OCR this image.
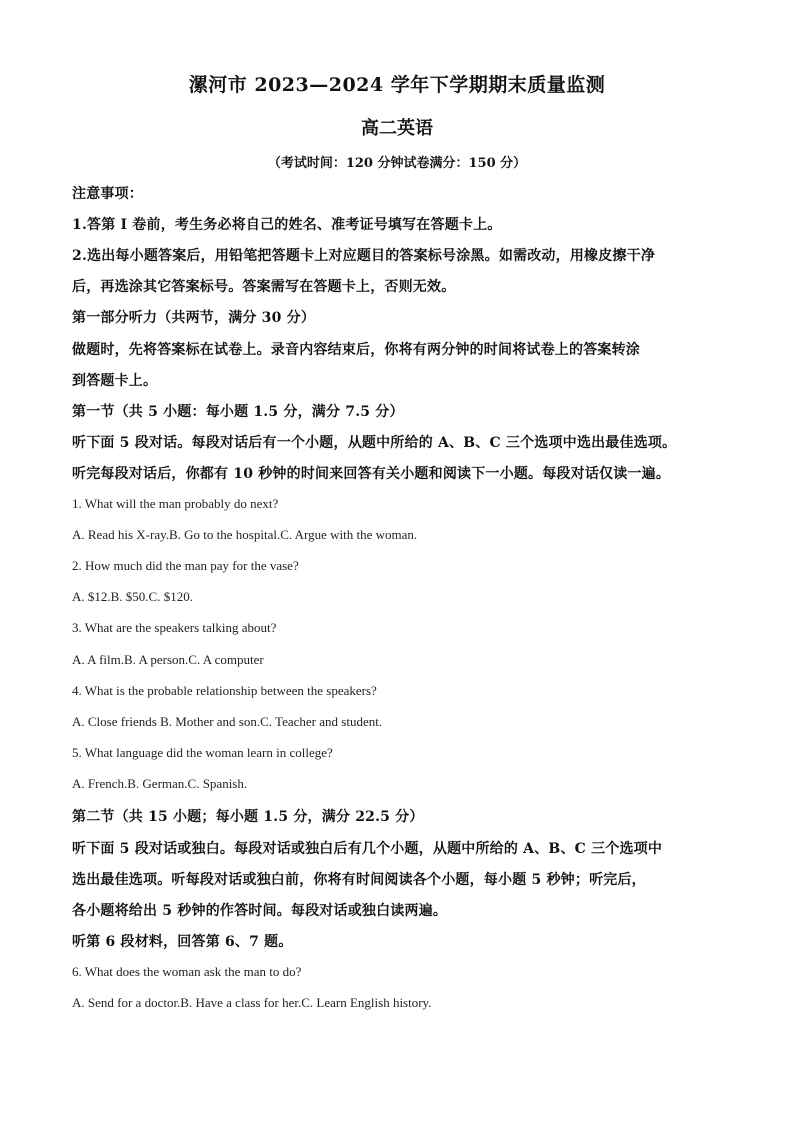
漯河市 2023—2024 学年下学期期末质量监测
高二英语
（考试时间：120 分钟试卷满分：150 分）
注意事项：
1.答第 I 卷前，考生务必将自己的姓名、准考证号填写在答题卡上。
2.选出每小题答案后，用铅笔把答题卡上对应题目的答案标号涂黑。如需改动，用橡皮擦干净
后，再选涂其它答案标号。答案需写在答题卡上，否则无效。
第一部分听力（共两节，满分 30 分）
做题时，先将答案标在试卷上。录音内容结束后，你将有两分钟的时间将试卷上的答案转涂
到答题卡上。
第一节（共 5 小题：每小题 1.5 分，满分 7.5 分）
听下面 5 段对话。每段对话后有一个小题，从题中所给的 A、B、C 三个选项中选出最佳选项。
听完每段对话后，你都有 10 秒钟的时间来回答有关小题和阅读下一小题。每段对话仅读一遍。
1. What will the man probably do next?
A. Read his X-ray.B. Go to the hospital.C. Argue with the woman.
2. How much did the man pay for the vase?
A. $12.B. $50.C. $120.
3. What are the speakers talking about?
A. A film.B. A person.C. A computer
4. What is the probable relationship between the speakers?
A. Close friends B. Mother and son.C. Teacher and student.
5. What language did the woman learn in college?
A. French.B. German.C. Spanish.
第二节（共 15 小题；每小题 1.5 分，满分 22.5 分）
听下面 5 段对话或独白。每段对话或独白后有几个小题，从题中所给的 A、B、C 三个选项中
选出最佳选项。听每段对话或独白前，你将有时间阅读各个小题，每小题 5 秒钟；听完后，
各小题将给出 5 秒钟的作答时间。每段对话或独白读两遍。
听第 6 段材料，回答第 6、7 题。
6. What does the woman ask the man to do?
A. Send for a doctor.B. Have a class for her.C. Learn English history.
